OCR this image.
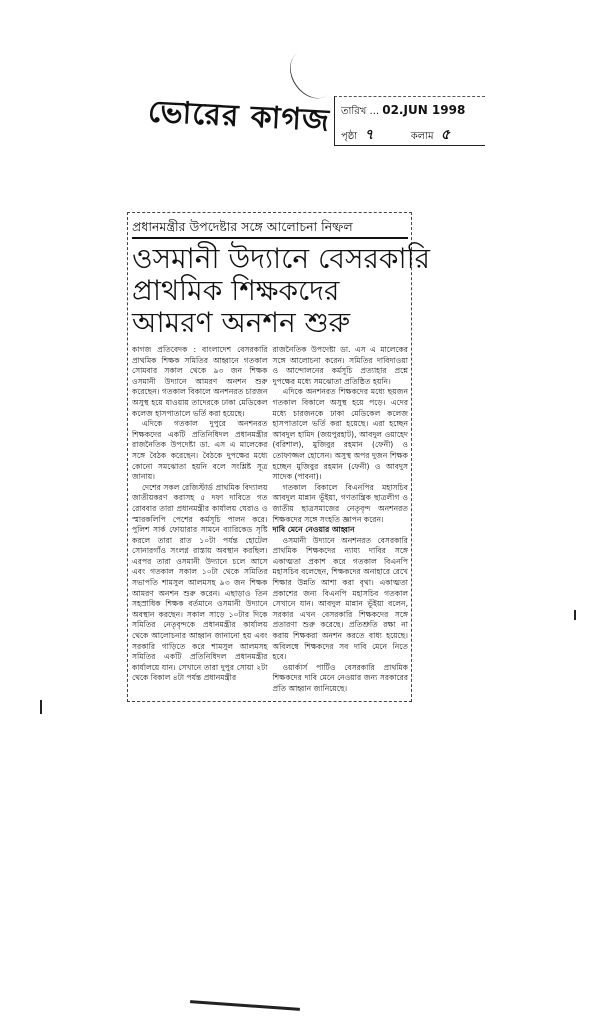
ভোরের কাগজ তারিখ ... 02.JUN 1998
পৃষ্ঠা ৭	কলাম ৫
প্রধানমন্ত্রীর উপদেষ্টার সঙ্গে আলোচনা নিষ্ফল
ওসমানী উদ্যানে বেসরকারি
প্রাথমিক শিক্ষকদের
আমরণ অনশন শুরু

কাগজ প্রতিবেদক : বাংলাদেশ বেসরকারি প্রাথমিক শিক্ষক সমিতির আহ্বানে গতকাল সোমবার সকাল থেকে ৯৩ জন শিক্ষক ওসমানী উদ্যানে আমরণ অনশন শুরু করেছেন। গতকাল বিকালে অনশনরত চারজন অসুস্থ হয়ে যাওয়ায় তাদেরকে ঢাকা মেডিকেল কলেজ হাসপাতালে ভর্তি করা হয়েছে।

এদিকে গতকাল দুপুরে অনশনরত শিক্ষকদের একটি প্রতিনিধিদল প্রধানমন্ত্রীর রাজনৈতিক উপদেষ্টা ডা. এস এ মালেকের সঙ্গে বৈঠক করেছেন। বৈঠকে দুপক্ষের মধ্যে কোনো সমঝোতা হয়নি বলে সংশ্লিষ্ট সূত্র জানায়।

দেশের সকল রেজিস্টার্ড প্রাথমিক বিদ্যালয় জাতীয়করণ করাসহ ৫ দফা দাবিতে গত রোববার তারা প্রধানমন্ত্রীর কার্যালয় ঘেরাও ও স্মারকলিপি পেশের কর্মসূচি পালন করে। পুলিশ সার্ক ফোয়ারার সামনে ব্যারিকেড সৃষ্টি করলে তারা রাত ১০টা পর্যন্ত হোটেল সোনারগাঁও সংলগ্ন রাস্তায় অবস্থান করছিল। এরপর তারা ওসমানী উদ্যানে চলে আসে এবং গতকাল সকাল ১০টা থেকে সমিতির সভাপতি শামসুল আলমসহ ৯৩ জন শিক্ষক আমরণ অনশন শুরু করেন। এছাড়াও তিন সহস্রাধিক শিক্ষক বর্তমানে ওসমানী উদ্যানে অবস্থান করছেন। সকাল সাড়ে ১০টার দিকে সমিতির নেতৃবৃন্দকে প্রধানমন্ত্রীর কার্যালয় থেকে আলোচনার আহ্বান জানানো হয় এবং সরকারি গাড়িতে করে শামসুল আলমসহ সমিতির একটি প্রতিনিধিদল প্রধানমন্ত্রীর কার্যালয়ে যান। সেখানে তারা দুপুর সোয়া ২টা থেকে বিকাল ৪টা পর্যন্ত প্রধানমন্ত্রীর

রাজনৈতিক উপদেষ্টা ডা. এস এ মালেকের সঙ্গে আলোচনা করেন। সমিতির দাবিদাওয়া ও আন্দোলনের কর্মসূচি প্রত্যাহার প্রশ্নে দুপক্ষের মধ্যে সমঝোতা প্রতিষ্ঠিত হয়নি।

এদিকে অনশনরত শিক্ষকদের মধ্যে ছয়জন গতকাল বিকালে অসুস্থ হয়ে পড়ে। এদের মধ্যে চারজনকে ঢাকা মেডিকেল কলেজ হাসপাতালে ভর্তি করা হয়েছে। এরা হচ্ছেন আবদুল হামিদ (জয়পুরহাট), আবদুল ওয়াহেদ (বরিশাল), মুজিবুর রহমান (ফেনী) ও তোফাজ্জল হোসেন। অসুস্থ অপর দুজন শিক্ষক হচ্ছেন মুজিবুর রহমান (ফেনী) ও আবদুস সাদেক (পাবনা)।

গতকাল বিকালে বিএনপির মহাসচিব আবদুল মান্নান ভূঁইয়া, গণতান্ত্রিক ছাত্রলীগ ও জাতীয় ছাত্রসমাজের নেতৃবৃন্দ অনশনরত শিক্ষকদের সঙ্গে সংহতি জ্ঞাপন করেন।

দাবি মেনে নেওয়ার আহ্বান

ওসমানী উদ্যানে অনশনরত বেসরকারি প্রাথমিক শিক্ষকদের ন্যায্য দাবির সঙ্গে একাত্মতা প্রকাশ করে গতকাল বিএনপি মহাসচিব বলেছেন, শিক্ষকদের অনাহারে রেখে শিক্ষার উন্নতি আশা করা বৃথা। একাত্মতা প্রকাশের জন্য বিএনপি মহাসচিব গতকাল সেখানে যান। আবদুল মান্নান ভূঁইয়া বলেন, সরকার এখন বেসরকারি শিক্ষকদের সঙ্গে প্রতারণা শুরু করেছে। প্রতিশ্রুতি রক্ষা না করায় শিক্ষকরা অনশন করতে বাধ্য হয়েছে। অবিলম্বে শিক্ষকদের সব দাবি মেনে নিতে হবে।

ওয়ার্কার্স পার্টিও বেসরকারি প্রাথমিক শিক্ষকদের দাবি মেনে নেওয়ার জন্য সরকারের প্রতি আহ্বান জানিয়েছে।
